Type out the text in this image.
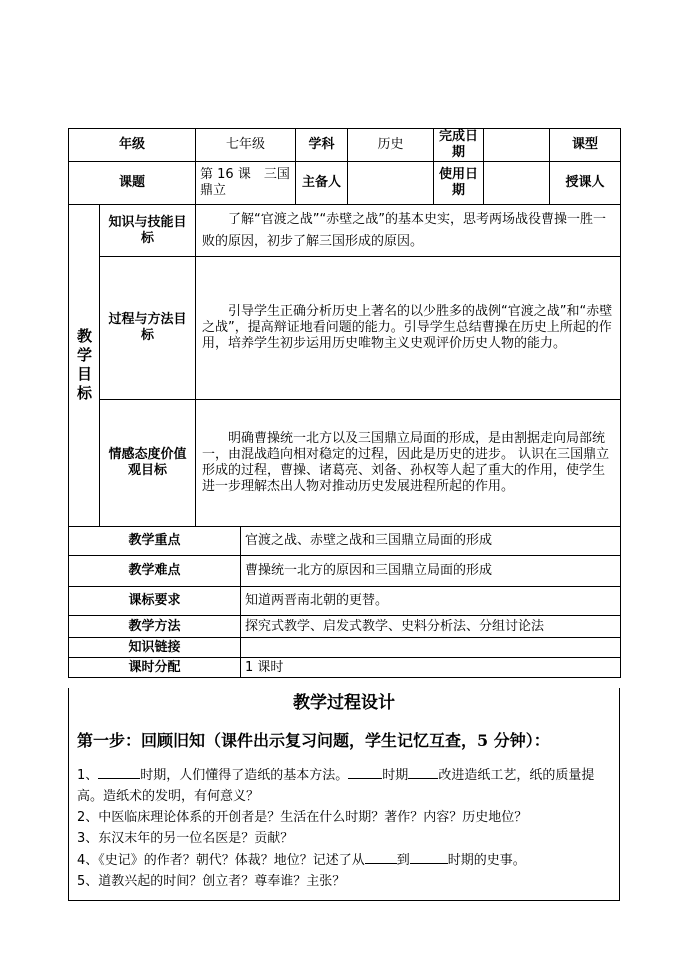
年级		七年级		学科	历史	完成日期		课型	
课题		第 16 课　三国鼎立		主备人		使用日期		授课人	

教学目标	知识与技能目标	了解“官渡之战”“赤壁之战”的基本史实，思考两场战役曹操一胜一败的原因，初步了解三国形成的原因。							
	过程与方法目标	引导学生正确分析历史上著名的以少胜多的战例“官渡之战”和“赤壁之战”，提高辩证地看问题的能力。引导学生总结曹操在历史上所起的作用，培养学生初步运用历史唯物主义史观评价历史人物的能力。							
	情感态度价值观目标	明确曹操统一北方以及三国鼎立局面的形成，是由割据走向局部统一，由混战趋向相对稳定的过程，因此是历史的进步。 认识在三国鼎立形成的过程，曹操、诸葛亮、刘备、孙权等人起了重大的作用，使学生进一步理解杰出人物对推动历史发展进程所起的作用。							
教学重点			官渡之战、赤壁之战和三国鼎立局面的形成						
教学难点			曹操统一北方的原因和三国鼎立局面的形成						
课标要求			知道两晋南北朝的更替。						
教学方法			探究式教学、启发式教学、史料分析法、分组讨论法						
知识链接									
课时分配			1 课时						
教学过程设计
第一步：回顾旧知（课件出示复习问题，学生记忆互查，5 分钟）：
1、	时期，人们懂得了造纸的基本方法。	时期 改进造纸工艺，纸的质量提高。造纸术的发明，有何意义？
2、中医临床理论体系的开创者是？生活在什么时期？著作？内容？历史地位？
3、东汉末年的另一位名医是？贡献？
4、《史记》的作者？朝代？体裁？地位？记述了从 到	时期的史事。
5、道教兴起的时间？创立者？尊奉谁？主张？
